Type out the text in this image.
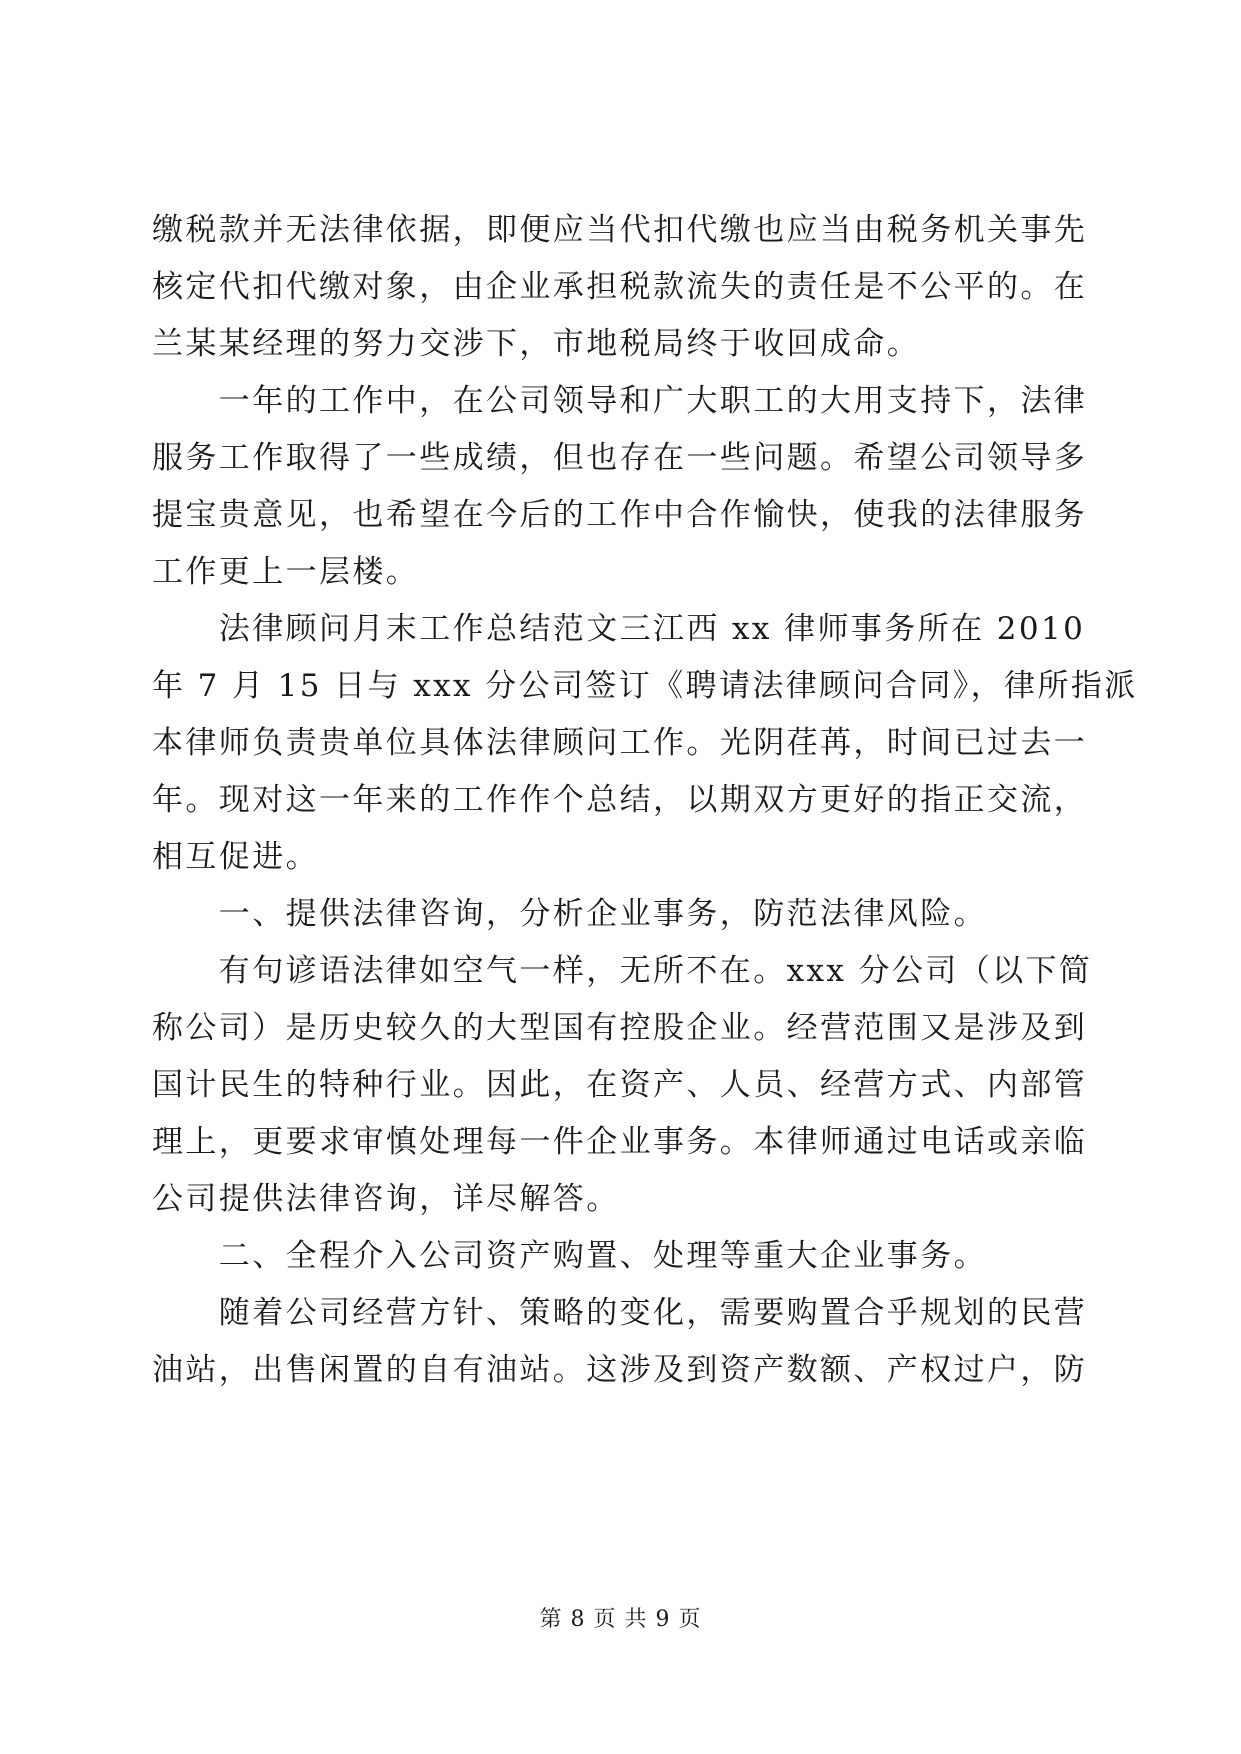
缴税款并无法律依据，即便应当代扣代缴也应当由税务机关事先
核定代扣代缴对象，由企业承担税款流失的责任是不公平的。在
兰某某经理的努力交涉下，市地税局终于收回成命。
　　一年的工作中，在公司领导和广大职工的大用支持下，法律
服务工作取得了一些成绩，但也存在一些问题。希望公司领导多
提宝贵意见，也希望在今后的工作中合作愉快，使我的法律服务
工作更上一层楼。
　　法律顾问月末工作总结范文三江西 xx 律师事务所在 2010
年 7 月 15 日与 xxx 分公司签订《聘请法律顾问合同》，律所指派
本律师负责贵单位具体法律顾问工作。光阴荏苒，时间已过去一
年。现对这一年来的工作作个总结，以期双方更好的指正交流，
相互促进。
　　一、提供法律咨询，分析企业事务，防范法律风险。
　　有句谚语法律如空气一样，无所不在。xxx 分公司（以下简
称公司）是历史较久的大型国有控股企业。经营范围又是涉及到
国计民生的特种行业。因此，在资产、人员、经营方式、内部管
理上，更要求审慎处理每一件企业事务。本律师通过电话或亲临
公司提供法律咨询，详尽解答。
　　二、全程介入公司资产购置、处理等重大企业事务。
　　随着公司经营方针、策略的变化，需要购置合乎规划的民营
油站，出售闲置的自有油站。这涉及到资产数额、产权过户，防
第 8 页 共 9 页
